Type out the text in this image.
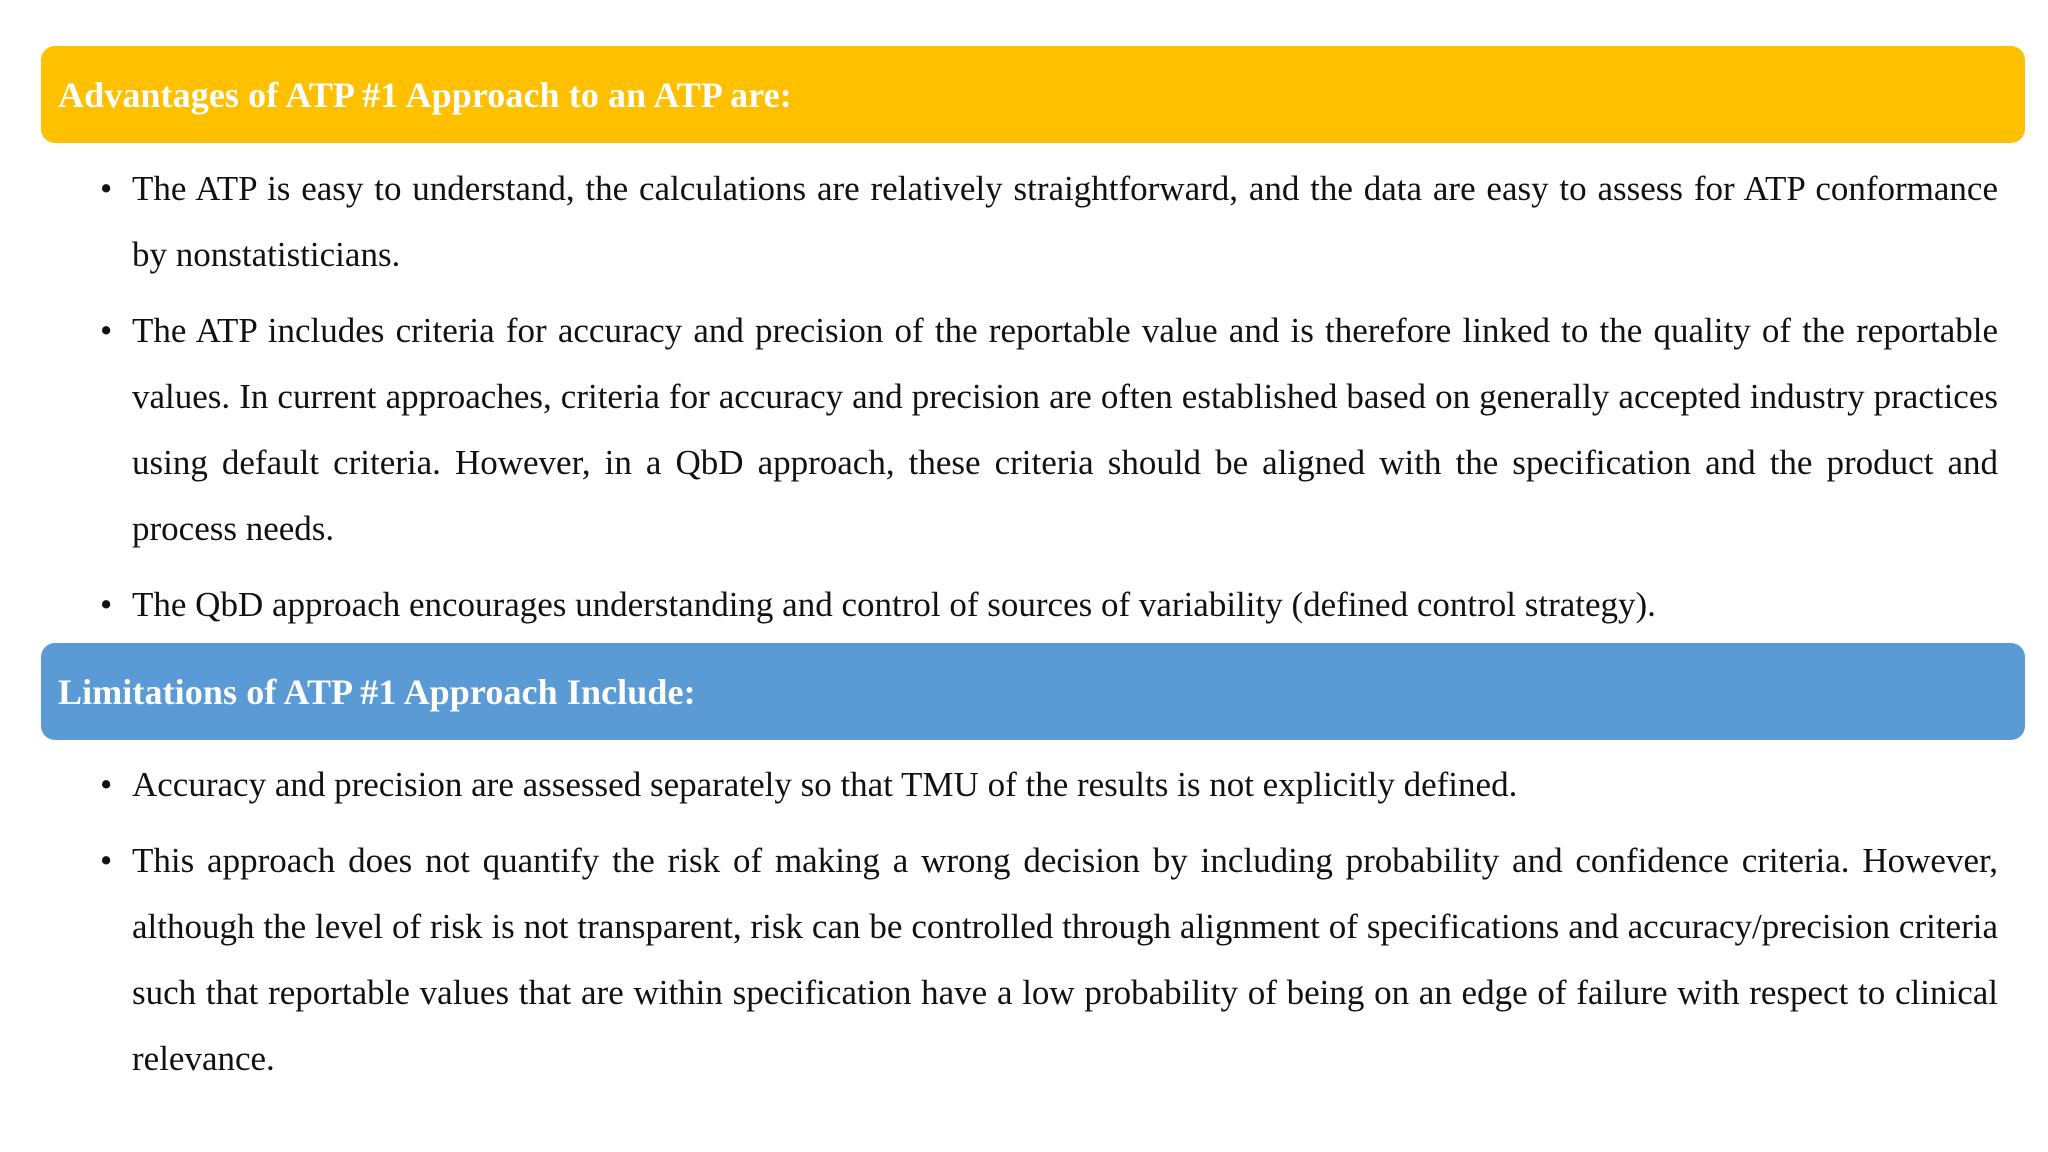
Advantages of ATP #1 Approach to an ATP are:
• The ATP is easy to understand, the calculations are relatively straightforward, and the data are easy to assess for ATP conformance by nonstatisticians.
• The ATP includes criteria for accuracy and precision of the reportable value and is therefore linked to the quality of the reportable values. In current approaches, criteria for accuracy and precision are often established based on generally accepted industry practices using default criteria. However, in a QbD approach, these criteria should be aligned with the specification and the product and process needs.
• The QbD approach encourages understanding and control of sources of variability (defined control strategy).
Limitations of ATP #1 Approach Include:
• Accuracy and precision are assessed separately so that TMU of the results is not explicitly defined.
• This approach does not quantify the risk of making a wrong decision by including probability and confidence criteria. However, although the level of risk is not transparent, risk can be controlled through alignment of specifications and accuracy/precision criteria such that reportable values that are within specification have a low probability of being on an edge of failure with respect to clinical relevance.
